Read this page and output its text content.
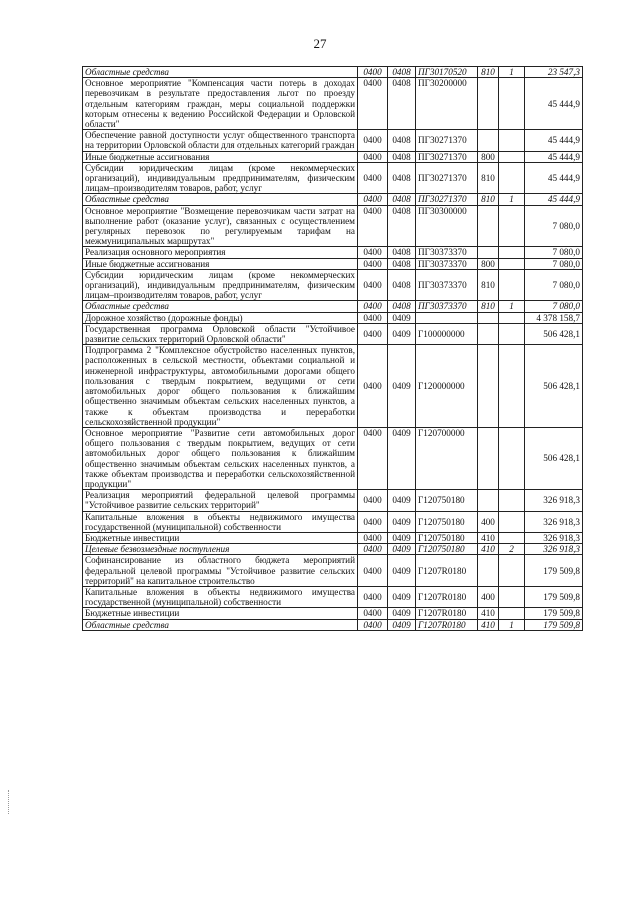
27
Областные средства	0400	0408	ПГ30170520	810	1	23 547,3
Основное мероприятие "Компенсация части потерь в доходах перевозчикам в результате предоставления льгот по проезду отдельным категориям граждан, меры социальной поддержки которым отнесены к ведению Российской Федерации и Орловской области"	0400	0408	ПГ30200000			45 444,9
Обеспечение равной доступности услуг общественного транспорта на территории Орловской области для отдельных категорий граждан	0400	0408	ПГ30271370			45 444,9
Иные бюджетные ассигнования	0400	0408	ПГ30271370	800		45 444,9
Субсидии юридическим лицам (кроме некоммерческих организаций), индивидуальным предпринимателям, физическим лицам–производителям товаров, работ, услуг	0400	0408	ПГ30271370	810		45 444,9
Областные средства	0400	0408	ПГ30271370	810	1	45 444,9
Основное мероприятие "Возмещение перевозчикам части затрат на выполнение работ (оказание услуг), связанных с осуществлением регулярных перевозок по регулируемым тарифам на межмуниципальных маршрутах"	0400	0408	ПГ30300000			7 080,0
Реализация основного мероприятия	0400	0408	ПГ30373370			7 080,0
Иные бюджетные ассигнования	0400	0408	ПГ30373370	800		7 080,0
Субсидии юридическим лицам (кроме некоммерческих организаций), индивидуальным предпринимателям, физическим лицам–производителям товаров, работ, услуг	0400	0408	ПГ30373370	810		7 080,0
Областные средства	0400	0408	ПГ30373370	810	1	7 080,0
Дорожное хозяйство (дорожные фонды)	0400	0409				4 378 158,7
Государственная программа Орловской области "Устойчивое развитие сельских территорий Орловской области"	0400	0409	Г100000000			506 428,1
Подпрограмма 2 "Комплексное обустройство населенных пунктов, расположенных в сельской местности, объектами социальной и инженерной инфраструктуры, автомобильными дорогами общего пользования с твердым покрытием, ведущими от сети автомобильных дорог общего пользования к ближайшим общественно значимым объектам сельских населенных пунктов, а также к объектам производства и переработки сельскохозяйственной продукции"	0400	0409	Г120000000			506 428,1
Основное мероприятие "Развитие сети автомобильных дорог общего пользования с твердым покрытием, ведущих от сети автомобильных дорог общего пользования к ближайшим общественно значимым объектам сельских населенных пунктов, а также объектам производства и переработки сельскохозяйственной продукции"	0400	0409	Г120700000			506 428,1
Реализация мероприятий федеральной целевой программы "Устойчивое развитие сельских территорий"	0400	0409	Г120750180			326 918,3
Капитальные вложения в объекты недвижимого имущества государственной (муниципальной) собственности	0400	0409	Г120750180	400		326 918,3
Бюджетные инвестиции	0400	0409	Г120750180	410		326 918,3
Целевые безвозмездные поступления	0400	0409	Г120750180	410	2	326 918,3
Софинансирование из областного бюджета мероприятий федеральной целевой программы "Устойчивое развитие сельских территорий" на капитальное строительство	0400	0409	Г1207R0180			179 509,8
Капитальные вложения в объекты недвижимого имущества государственной (муниципальной) собственности	0400	0409	Г1207R0180	400		179 509,8
Бюджетные инвестиции	0400	0409	Г1207R0180	410		179 509,8
Областные средства	0400	0409	Г1207R0180	410	1	179 509,8
